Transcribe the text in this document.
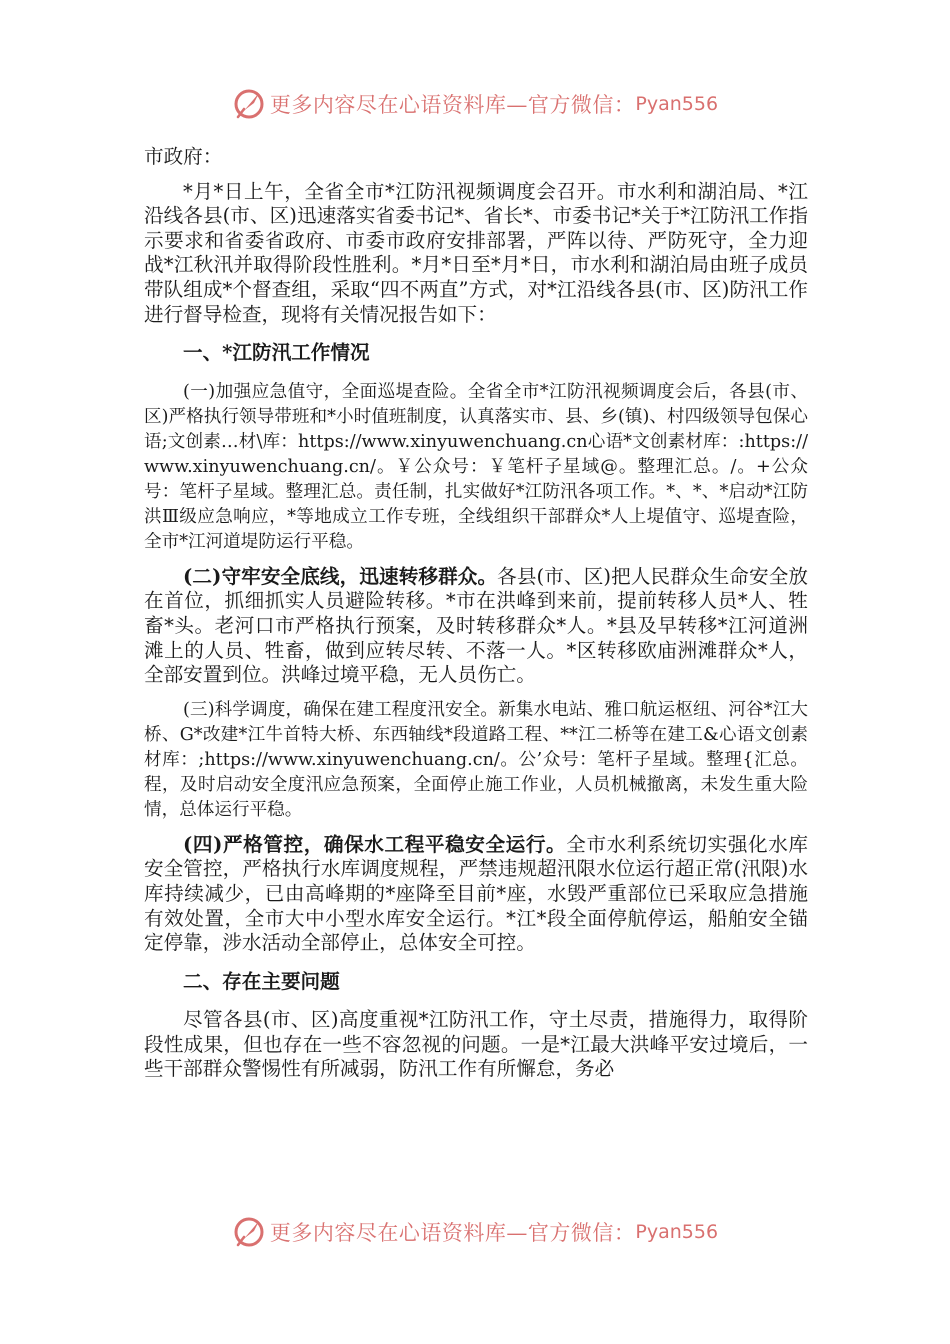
更多内容尽在心语资料库—官方微信： Pyan556

市政府：

*月*日上午，全省全市*江防汛视频调度会召开。市水利和湖泊局、*江沿线各县(市、区)迅速落实省委书记*、省长*、市委书记*关于*江防汛工作指示要求和省委省政府、市委市政府安排部署，严阵以待、严防死守，全力迎战*江秋汛并取得阶段性胜利。*月*日至*月*日，市水利和湖泊局由班子成员带队组成*个督查组，采取“四不两直”方式，对*江沿线各县(市、区)防汛工作进行督导检查，现将有关情况报告如下：

一、*江防汛工作情况

(一)加强应急值守，全面巡堤查险。全省全市*江防汛视频调度会后，各县(市、区)严格执行领导带班和*小时值班制度，认真落实市、县、乡(镇)、村四级领导包保心语;文创素…材\库：https://www.xinyuwenchuang.cn心语*文创素材库：:https://www.xinyuwenchuang.cn/。￥公众号：￥笔杆子星域@。整理汇总。/。+公众号：笔杆子星域。整理汇总。责任制，扎实做好*江防汛各项工作。*、*、*启动*江防洪Ⅲ级应急响应，*等地成立工作专班，全线组织干部群众*人上堤值守、巡堤查险，全市*江河道堤防运行平稳。

(二)守牢安全底线，迅速转移群众。各县(市、区)把人民群众生命安全放在首位，抓细抓实人员避险转移。*市在洪峰到来前，提前转移人员*人、牲畜*头。老河口市严格执行预案，及时转移群众*人。*县及早转移*江河道洲滩上的人员、牲畜，做到应转尽转、不落一人。*区转移欧庙洲滩群众*人，全部安置到位。洪峰过境平稳，无人员伤亡。

(三)科学调度，确保在建工程度汛安全。新集水电站、雅口航运枢纽、河谷*江大桥、G*改建*江牛首特大桥、东西轴线*段道路工程、**江二桥等在建工&心语文创素材库：;https://www.xinyuwenchuang.cn/。公’众号：笔杆子星域。整理{汇总。程，及时启动安全度汛应急预案，全面停止施工作业，人员机械撤离，未发生重大险情，总体运行平稳。

(四)严格管控，确保水工程平稳安全运行。全市水利系统切实强化水库安全管控，严格执行水库调度规程，严禁违规超汛限水位运行超正常(汛限)水库持续减少，已由高峰期的*座降至目前*座，水毁严重部位已采取应急措施有效处置，全市大中小型水库安全运行。*江*段全面停航停运，船舶安全锚定停靠，涉水活动全部停止，总体安全可控。

二、存在主要问题

尽管各县(市、区)高度重视*江防汛工作，守土尽责，措施得力，取得阶段性成果，但也存在一些不容忽视的问题。一是*江最大洪峰平安过境后，一些干部群众警惕性有所减弱，防汛工作有所懈怠，务必

更多内容尽在心语资料库—官方微信： Pyan556
